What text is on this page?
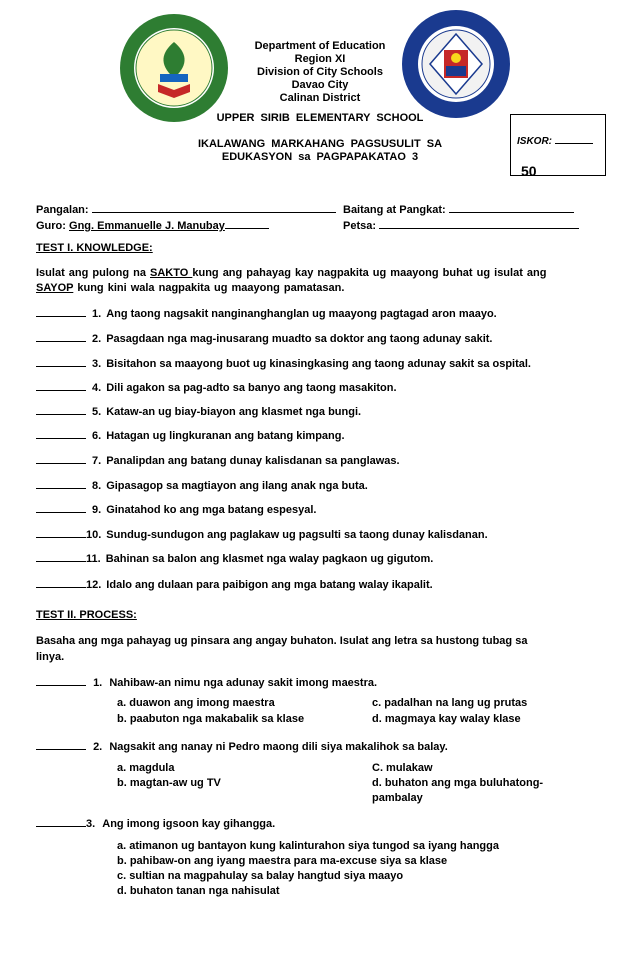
Department of Education
Region XI
Division of City Schools
Davao City
Calinan District
UPPER SIRIB ELEMENTARY SCHOOL
IKALAWANG MARKAHANG PAGSUSULIT SA
EDUKASYON sa PAGPAPAKATAO 3
ISKOR:
50
Pangalan:	Baitang at Pangkat:
Guro: Gng. Emmanuelle J. Manubay	Petsa:
TEST I. KNOWLEDGE:
Isulat ang pulong na SAKTO kung ang pahayag kay nagpakita ug maayong buhat ug isulat ang
SAYOP kung kini wala nagpakita ug maayong pamatasan.
1. Ang taong nagsakit nanginanghanglan ug maayong pagtagad aron maayo.
2. Pasagdaan nga mag-inusarang muadto sa doktor ang taong adunay sakit.
3. Bisitahon sa maayong buot ug kinasingkasing ang taong adunay sakit sa ospital.
4. Dili agakon sa pag-adto sa banyo ang taong masakiton.
5. Kataw-an ug biay-biayon ang klasmet nga bungi.
6. Hatagan ug lingkuranan ang batang kimpang.
7. Panalipdan ang batang dunay kalisdanan sa panglawas.
8. Gipasagop sa magtiayon ang ilang anak nga buta.
9. Ginatahod ko ang mga batang espesyal.
10. Sundug-sundugon ang paglakaw ug pagsulti sa taong dunay kalisdanan.
11. Bahinan sa balon ang klasmet nga walay pagkaon ug gigutom.
12. Idalo ang dulaan para paibigon ang mga batang walay ikapalit.
TEST II. PROCESS:
Basaha ang mga pahayag ug pinsara ang angay buhaton. Isulat ang letra sa hustong tubag sa
linya.
1. Nahibaw-an nimu nga adunay sakit imong maestra.
a. duawon ang imong maestra
b. paabuton nga makabalik sa klase
c. padalhan na lang ug prutas
d. magmaya kay walay klase
2. Nagsakit ang nanay ni Pedro maong dili siya makalihok sa balay.
a. magdula
b. magtan-aw ug TV
C. mulakaw
d. buhaton ang mga buluhatong-
pambalay
3. Ang imong igsoon kay gihangga.
a. atimanon ug bantayon kung kalinturahon siya tungod sa iyang hangga
b. pahibaw-on ang iyang maestra para ma-excuse siya sa klase
c. sultian na magpahulay sa balay hangtud siya maayo
d. buhaton tanan nga nahisulat
